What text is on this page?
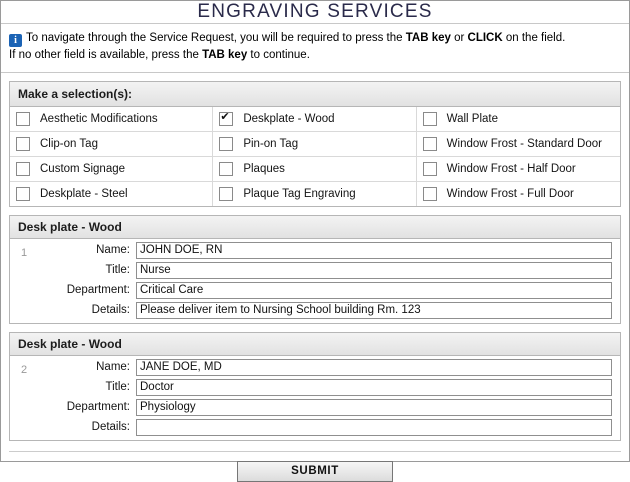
ENGRAVING SERVICES
i To navigate through the Service Request, you will be required to press the TAB key or CLICK on the field.
If no other field is available, press the TAB key to continue.
Make a selection(s):
Aesthetic Modifications ✔	Deskplate - Wood	Wall Plate
Clip-on Tag	Pin-on Tag	Window Frost - Standard Door
Custom Signage	Plaques	Window Frost - Half Door
Deskplate - Steel	Plaque Tag Engraving	Window Frost - Full Door
Desk plate - Wood
1	Name:
JOHN DOE, RN
Title:
Nurse
Department:
Critical Care
Details:
Please deliver item to Nursing School building Rm. 123
Desk plate - Wood
2	Name:
JANE DOE, MD
Title:
Doctor
Department:
Physiology
Details:
SUBMIT
